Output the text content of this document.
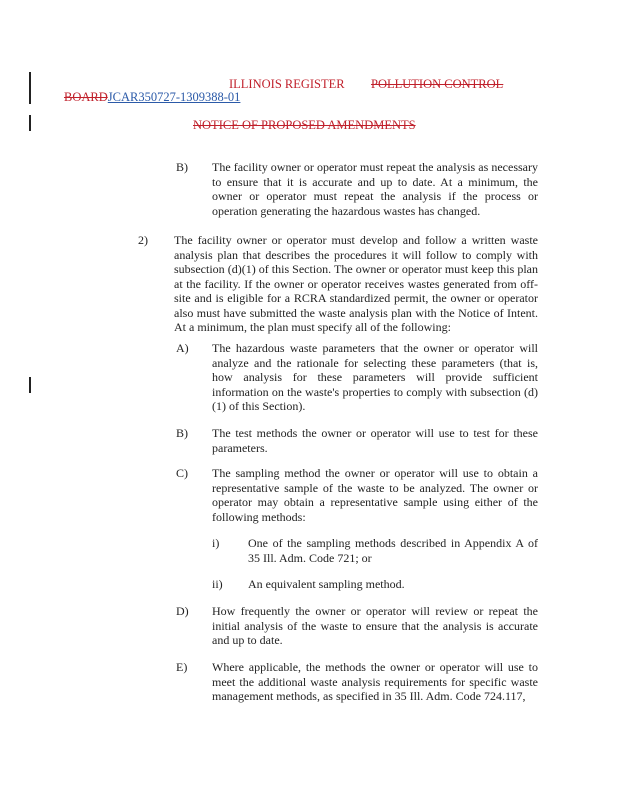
ILLINOIS REGISTER POLLUTION CONTROL
BOARDJCAR350727-1309388-01
NOTICE OF PROPOSED AMENDMENTS
B) The facility owner or operator must repeat the analysis as necessary to ensure that it is accurate and up to date. At a minimum, the owner or operator must repeat the analysis if the process or operation generating the hazardous wastes has changed.
2) The facility owner or operator must develop and follow a written waste analysis plan that describes the procedures it will follow to comply with subsection (d)(1) of this Section. The owner or operator must keep this plan at the facility. If the owner or operator receives wastes generated from off-site and is eligible for a RCRA standardized permit, the owner or operator also must have submitted the waste analysis plan with the Notice of Intent. At a minimum, the plan must specify all of the following:
A) The hazardous waste parameters that the owner or operator will analyze and the rationale for selecting these parameters (that is, how analysis for these parameters will provide sufficient information on the waste's properties to comply with subsection (d)(1) of this Section).
B) The test methods the owner or operator will use to test for these parameters.
C) The sampling method the owner or operator will use to obtain a representative sample of the waste to be analyzed. The owner or operator may obtain a representative sample using either of the following methods:
i) One of the sampling methods described in Appendix A of 35 Ill. Adm. Code 721; or
ii) An equivalent sampling method.
D) How frequently the owner or operator will review or repeat the initial analysis of the waste to ensure that the analysis is accurate and up to date.
E) Where applicable, the methods the owner or operator will use to meet the additional waste analysis requirements for specific waste management methods, as specified in 35 Ill. Adm. Code 724.117,
